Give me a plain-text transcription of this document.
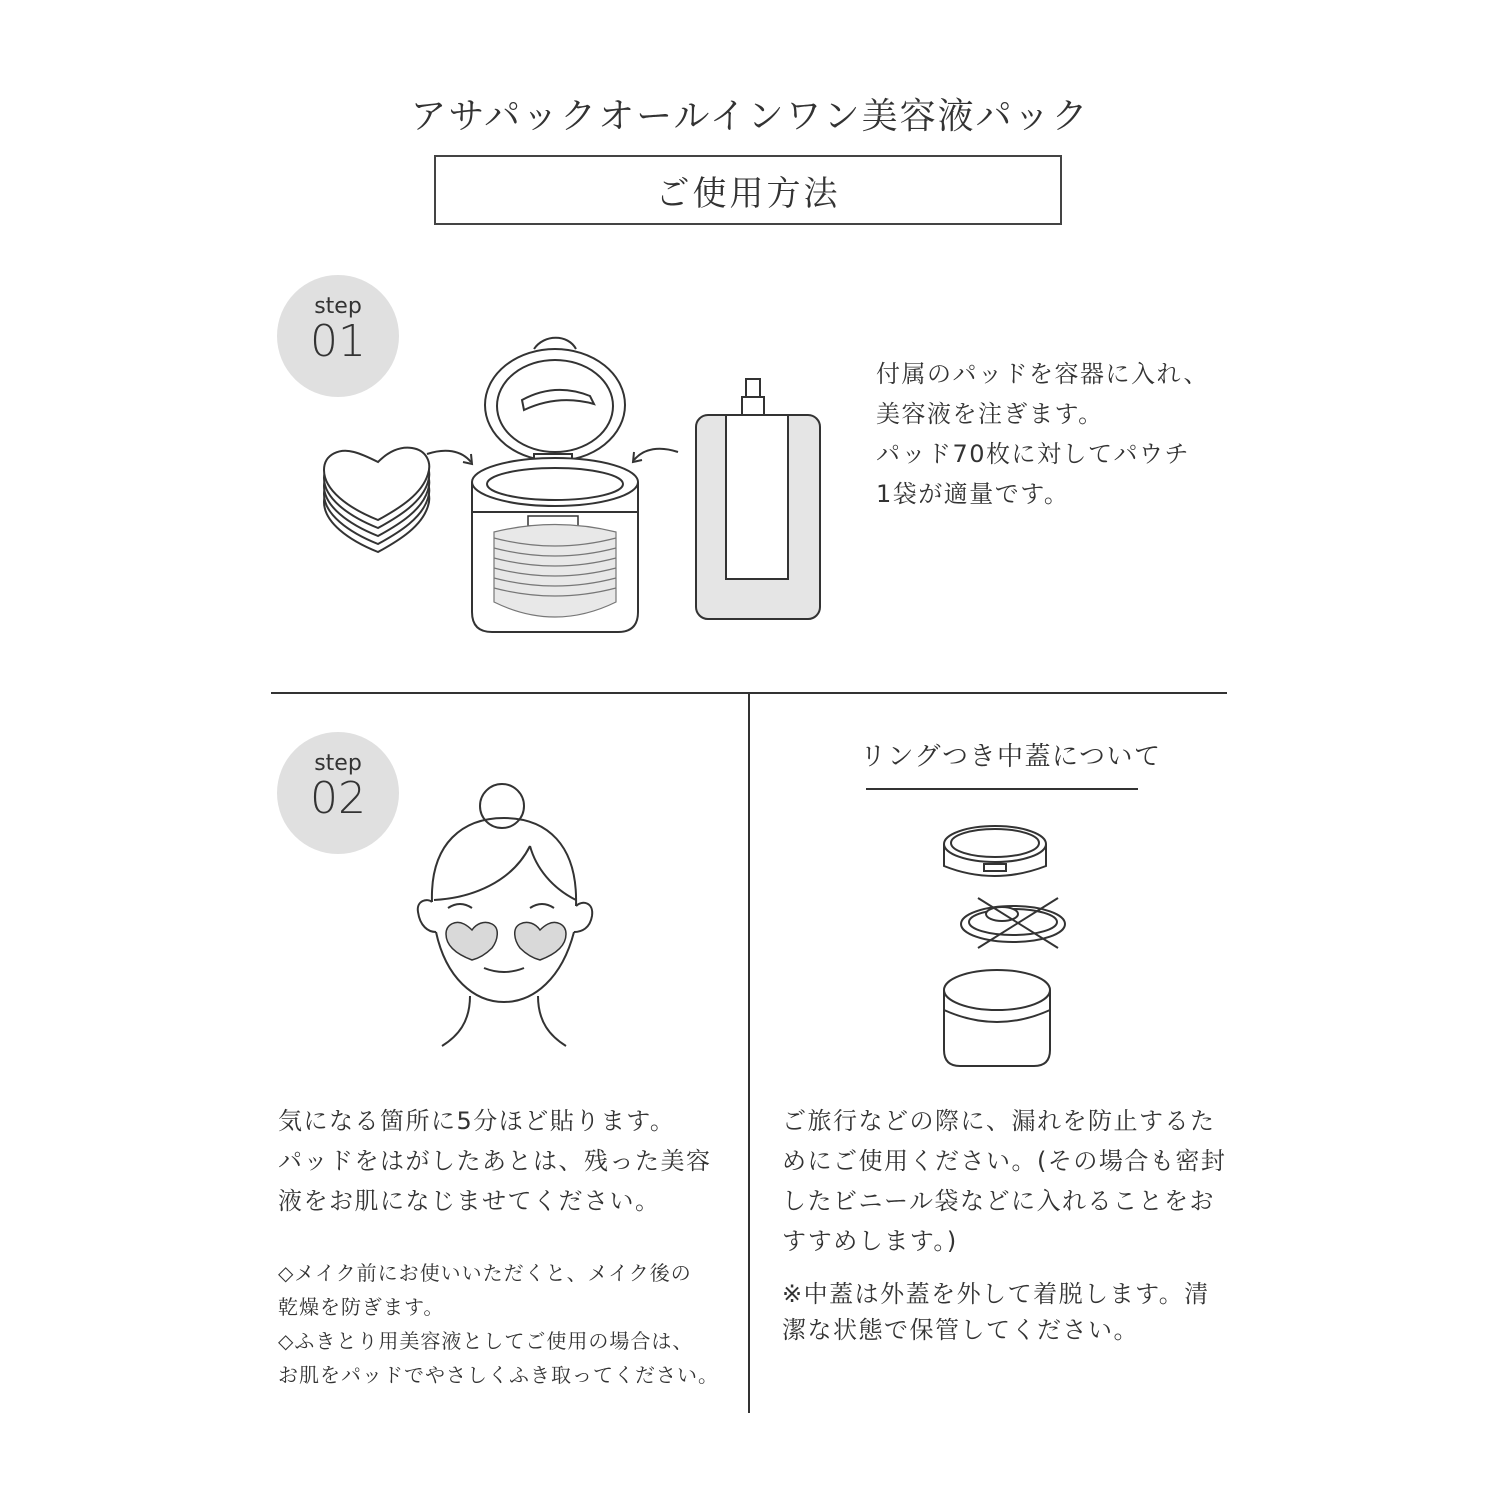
アサパックオールインワン美容液パック
ご使用方法
step
01
付属のパッドを容器に入れ、
美容液を注ぎます。
パッド70枚に対してパウチ
1袋が適量です。
step
02
気になる箇所に5分ほど貼ります。
パッドをはがしたあとは、残った美容
液をお肌になじませてください。
◇メイク前にお使いいただくと、メイク後の
乾燥を防ぎます。
◇ふきとり用美容液としてご使用の場合は、
お肌をパッドでやさしくふき取ってください。
リングつき中蓋について
ご旅行などの際に、漏れを防止するた
めにご使用ください。(その場合も密封
したビニール袋などに入れることをお
すすめします。)
※中蓋は外蓋を外して着脱します。清
潔な状態で保管してください。
